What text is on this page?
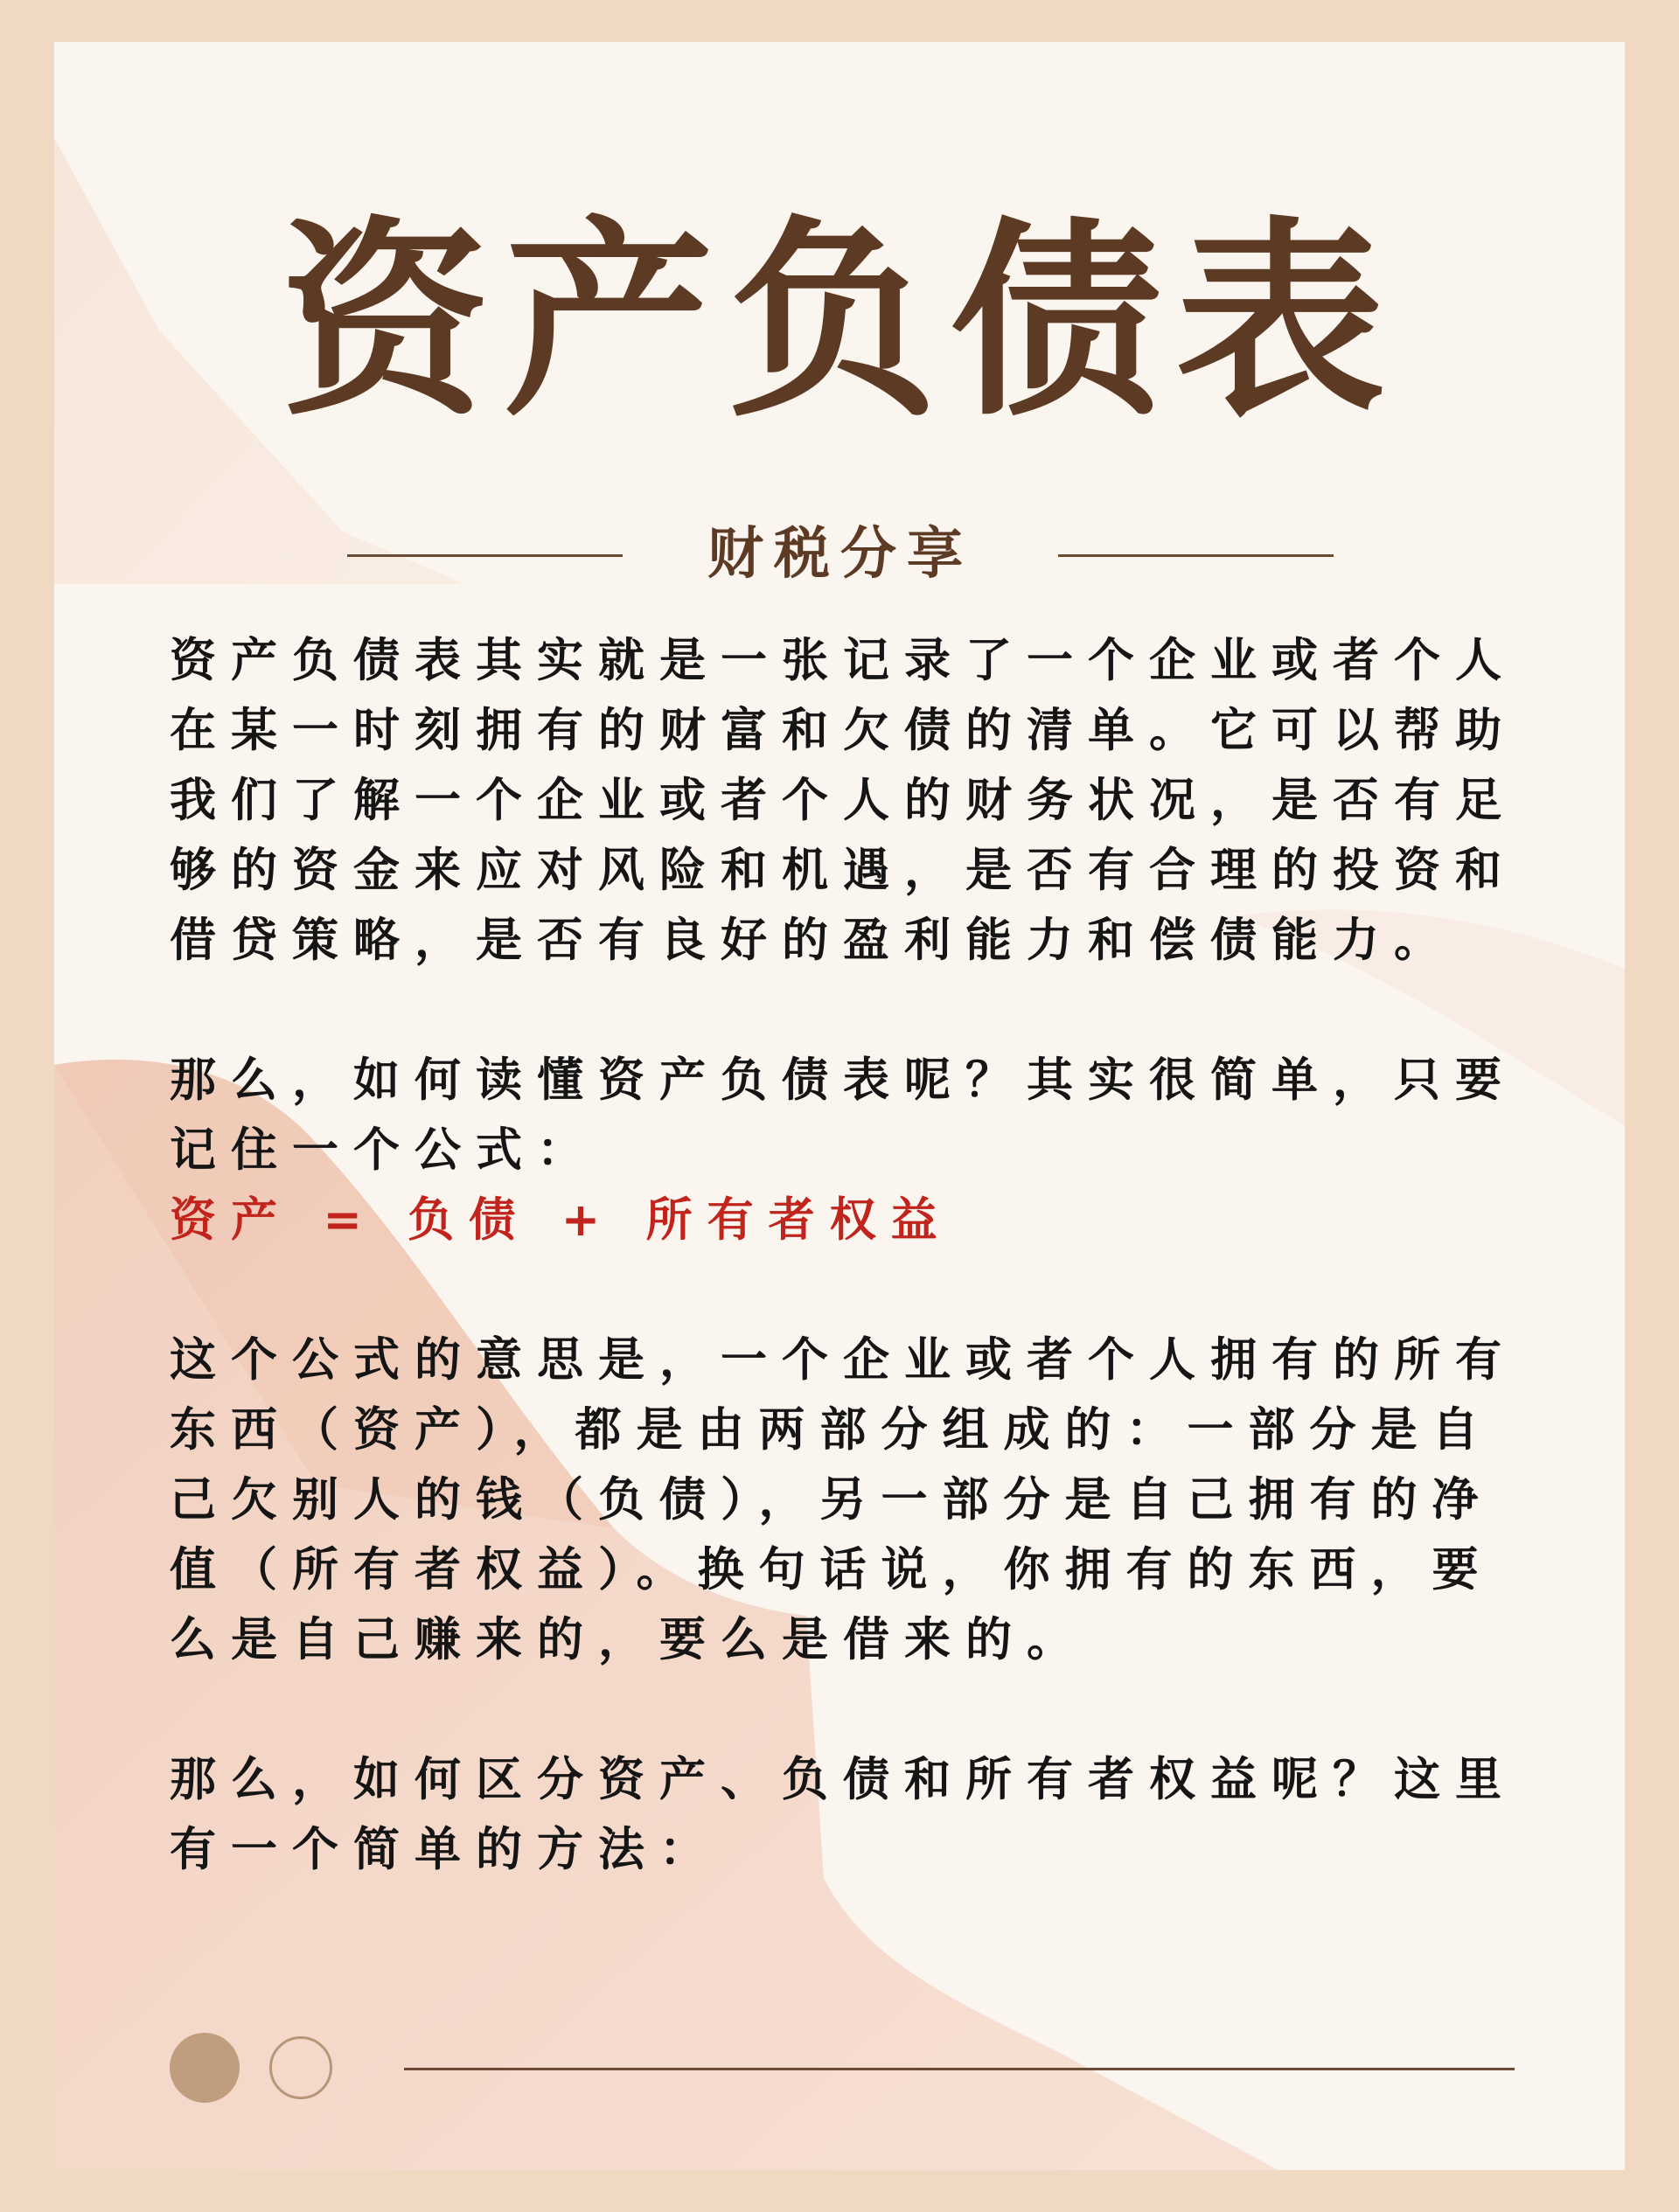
资产负债表
财税分享

资产负债表其实就是一张记录了一个企业或者个人在某一时刻拥有的财富和欠债的清单。它可以帮助我们了解一个企业或者个人的财务状况，是否有足够的资金来应对风险和机遇，是否有合理的投资和借贷策略，是否有良好的盈利能力和偿债能力。

那么，如何读懂资产负债表呢？其实很简单，只要记住一个公式：
资产 = 负债 + 所有者权益

这个公式的意思是，一个企业或者个人拥有的所有东西（资产），都是由两部分组成的：一部分是自己欠别人的钱（负债），另一部分是自己拥有的净值（所有者权益）。换句话说，你拥有的东西，要么是自己赚来的，要么是借来的。

那么，如何区分资产、负债和所有者权益呢？这里有一个简单的方法：
